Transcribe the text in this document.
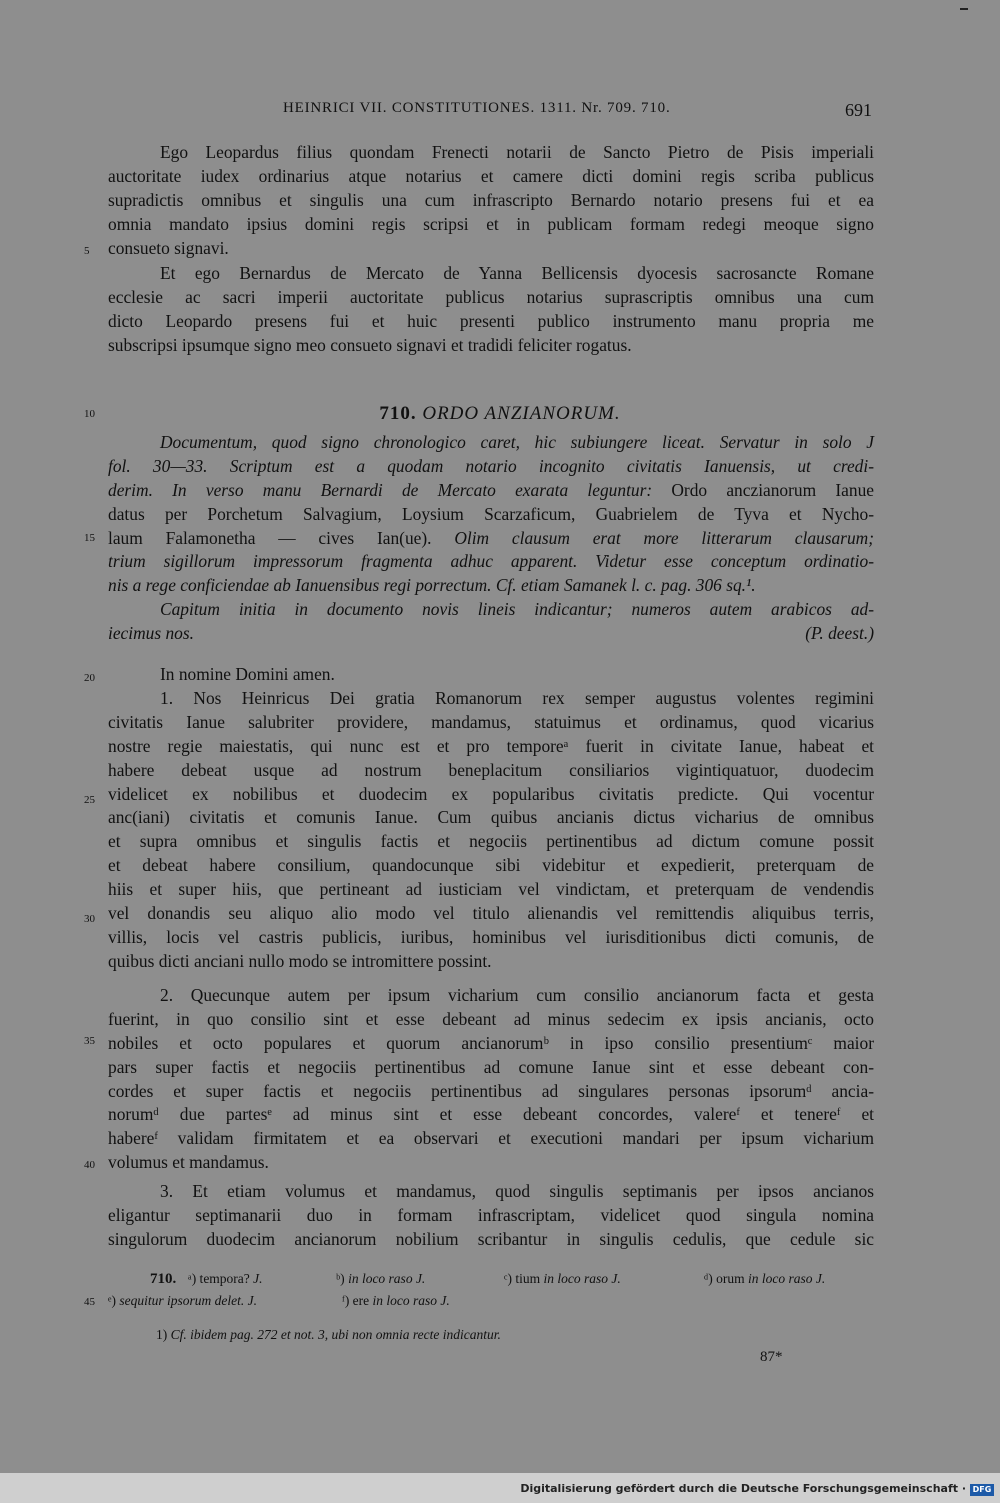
HEINRICI VII. CONSTITUTIONES. 1311. Nr. 709. 710.	691
Ego Leopardus filius quondam Frenecti notarii de Sancto Pietro de Pisis imperiali
auctoritate iudex ordinarius atque notarius et camere dicti domini regis scriba publicus
supradictis omnibus et singulis una cum infrascripto Bernardo notario presens fui et ea
omnia mandato ipsius domini regis scripsi et in publicam formam redegi meoque signo
consueto signavi.
Et ego Bernardus de Mercato de Yanna Bellicensis dyocesis sacrosancte Romane
ecclesie ac sacri imperii auctoritate publicus notarius suprascriptis omnibus una cum
dicto Leopardo presens fui et huic presenti publico instrumento manu propria me
subscripsi ipsumque signo meo consueto signavi et tradidi feliciter rogatus.
710. ORDO ANZIANORUM.
Documentum, quod signo chronologico caret, hic subiungere liceat. Servatur in solo J
fol. 30—33. Scriptum est a quodam notario incognito civitatis Ianuensis, ut credi-
derim. In verso manu Bernardi de Mercato exarata leguntur: Ordo anczianorum Ianue
datus per Porchetum Salvagium, Loysium Scarzaficum, Guabrielem de Tyva et Nycho-
laum Falamonetha — cives Ian(ue). Olim clausum erat more litterarum clausarum;
trium sigillorum impressorum fragmenta adhuc apparent. Videtur esse conceptum ordinatio-
nis a rege conficiendae ab Ianuensibus regi porrectum. Cf. etiam Samanek l. c. pag. 306 sq.¹.
Capitum initia in documento novis lineis indicantur; numeros autem arabicos ad-
iecimus nos.	(P. deest.)
In nomine Domini amen.
1. Nos Heinricus Dei gratia Romanorum rex semper augustus volentes regimini
civitatis Ianue salubriter providere, mandamus, statuimus et ordinamus, quod vicarius
nostre regie maiestatis, qui nunc est et pro temporeᵃ fuerit in civitate Ianue, habeat et
habere debeat usque ad nostrum beneplacitum consiliarios vigintiquatuor, duodecim
videlicet ex nobilibus et duodecim ex popularibus civitatis predicte. Qui vocentur
anc(iani) civitatis et comunis Ianue. Cum quibus ancianis dictus vicharius de omnibus
et supra omnibus et singulis factis et negociis pertinentibus ad dictum comune possit
et debeat habere consilium, quandocunque sibi videbitur et expedierit, preterquam de
hiis et super hiis, que pertineant ad iusticiam vel vindictam, et preterquam de vendendis
vel donandis seu aliquo alio modo vel titulo alienandis vel remittendis aliquibus terris,
villis, locis vel castris publicis, iuribus, hominibus vel iurisditionibus dicti comunis, de
quibus dicti anciani nullo modo se intromittere possint.
2. Quecunque autem per ipsum vicharium cum consilio ancianorum facta et gesta
fuerint, in quo consilio sint et esse debeant ad minus sedecim ex ipsis ancianis, octo
nobiles et octo populares et quorum ancianorumᵇ in ipso consilio presentiumᶜ maior
pars super factis et negociis pertinentibus ad comune Ianue sint et esse debeant con-
cordes et super factis et negociis pertinentibus ad singulares personas ipsorumᵈ ancia-
norumᵈ due partesᵉ ad minus sint et esse debeant concordes, valereᶠ et tenereᶠ et
habereᶠ validam firmitatem et ea observari et executioni mandari per ipsum vicharium
volumus et mandamus.
3. Et etiam volumus et mandamus, quod singulis septimanis per ipsos ancianos
eligantur septimanarii duo in formam infrascriptam, videlicet quod singula nomina
singulorum duodecim ancianorum nobilium scribantur in singulis cedulis, que cedule sic
5
10
15
20
25
30
35
40
45
710. ᵃ) tempora? J.	ᵇ) in loco raso J.	ᶜ) tium in loco raso J.	ᵈ) orum in loco raso J.
ᵉ) sequitur ipsorum delet. J.	ᶠ) ere in loco raso J.
1) Cf. ibidem pag. 272 et not. 3, ubi non omnia recte indicantur.
87*
Digitalisierung gefördert durch die Deutsche Forschungsgemeinschaft · DFG
